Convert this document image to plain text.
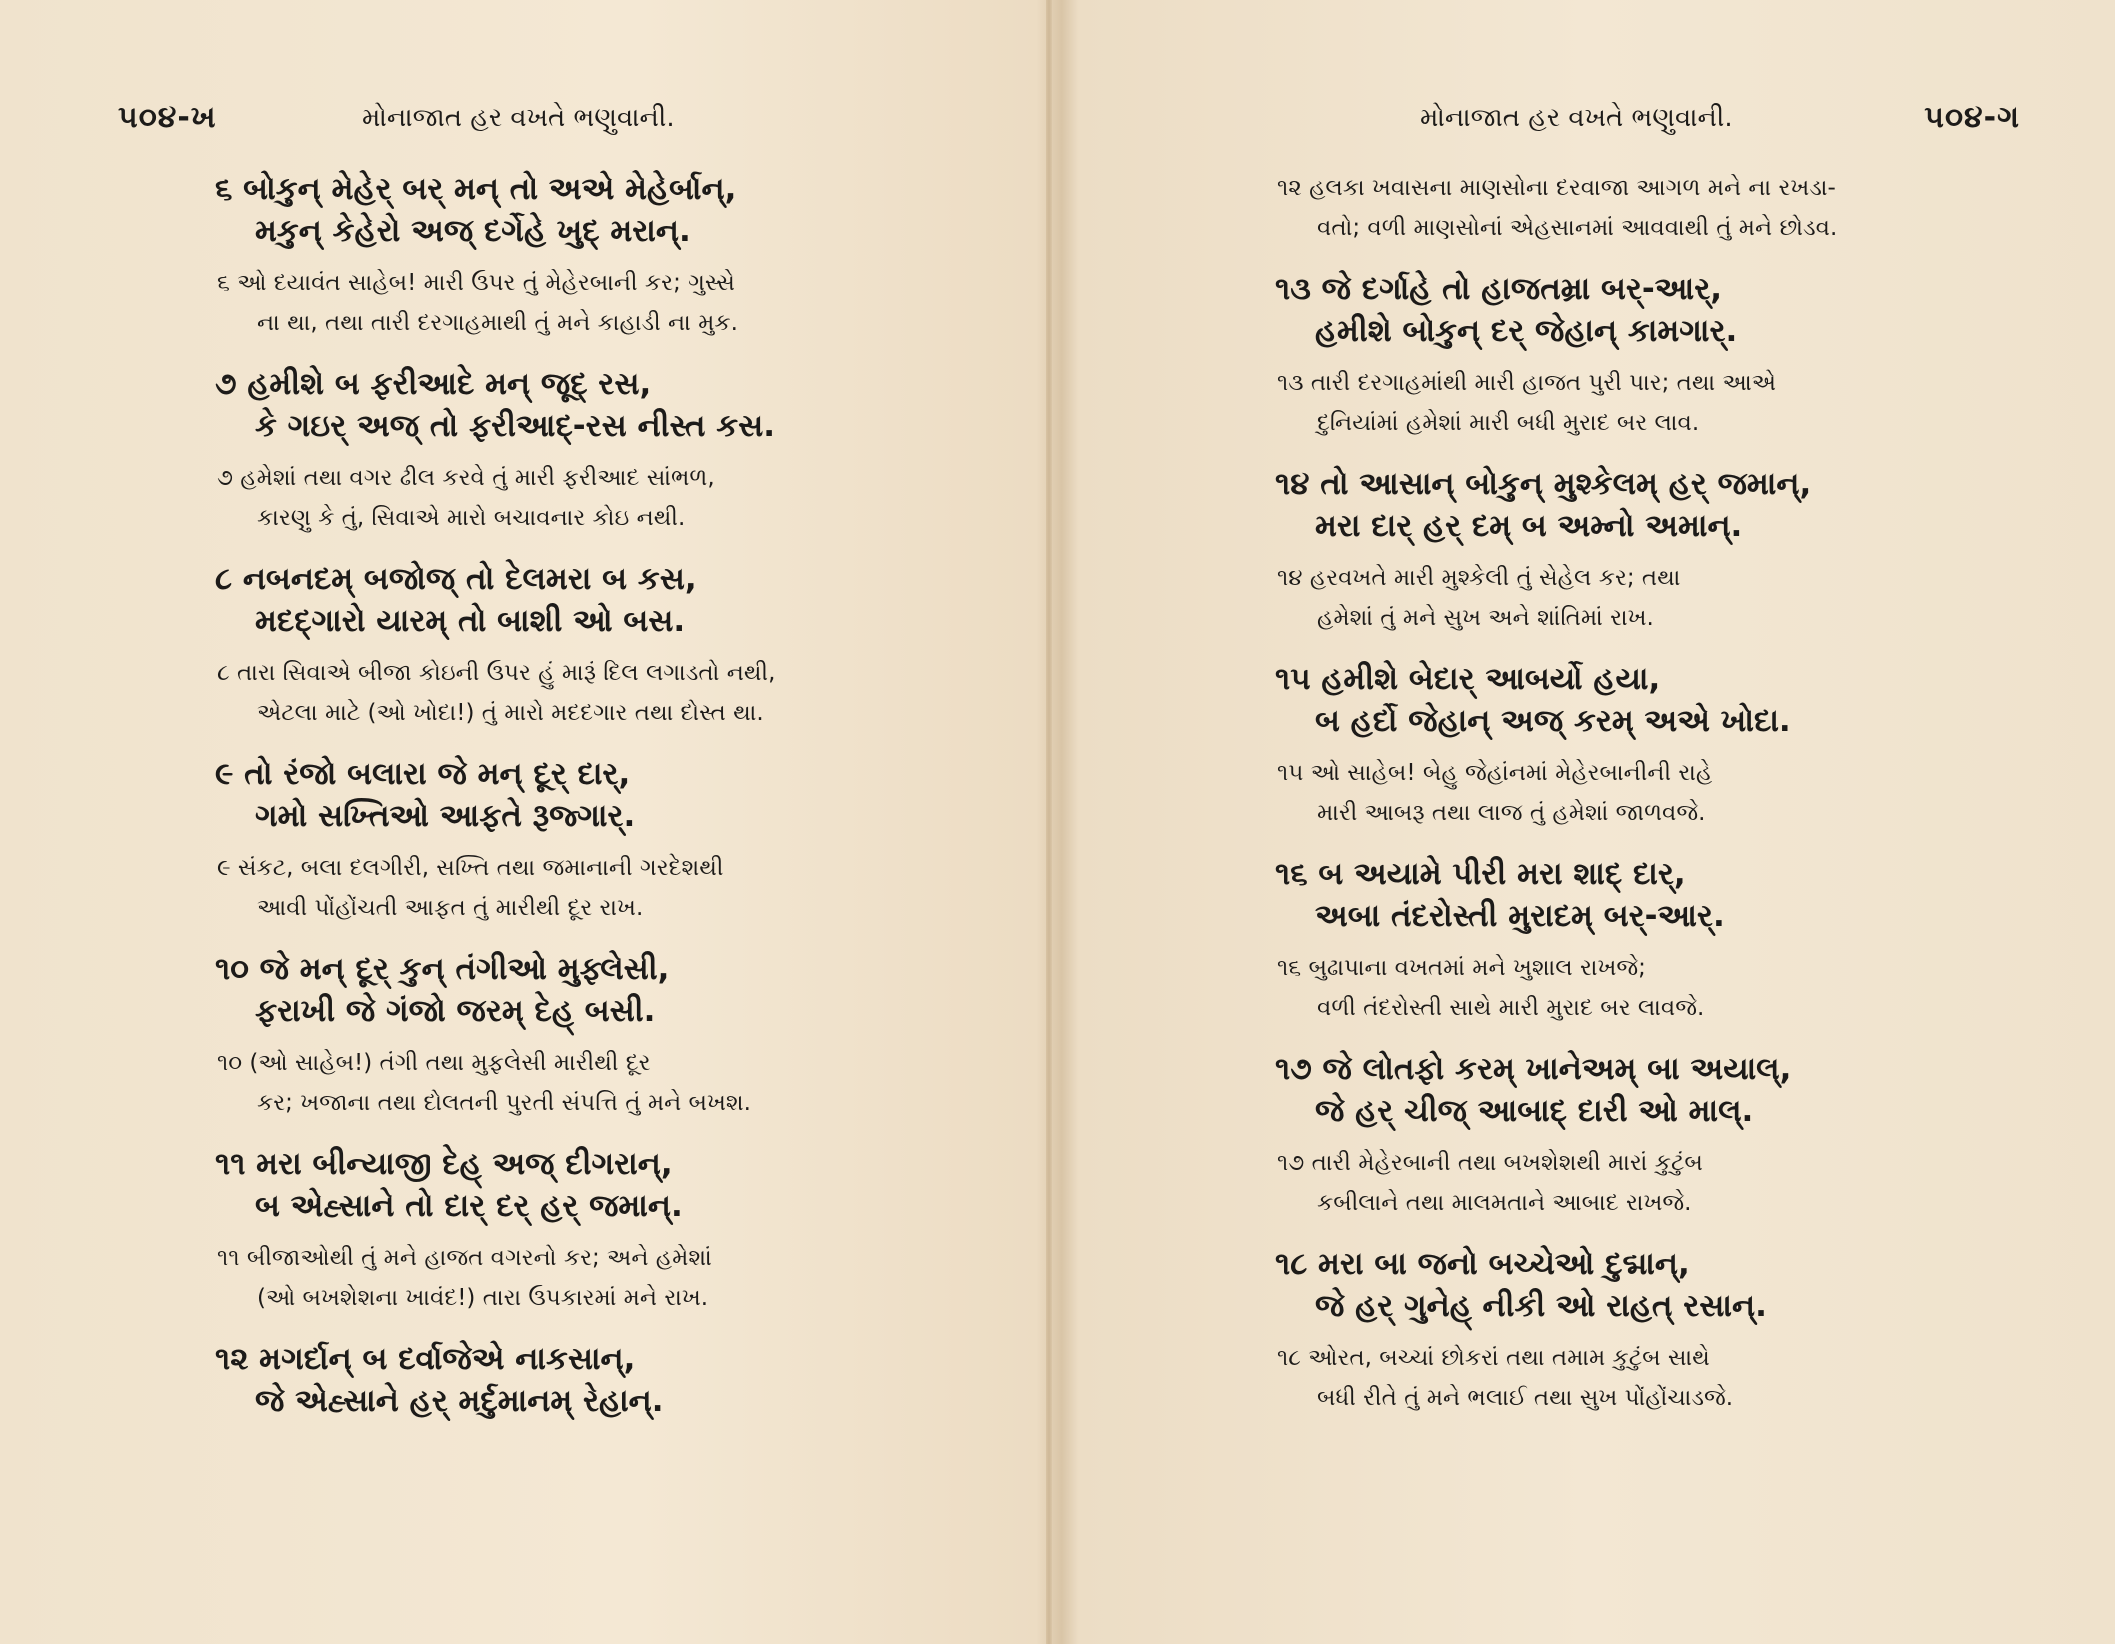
૫૦૪-ખ	મોનાજાત હર વખતે ભણુવાની.
૬ બોકુન્ મેહેર્ બર્ મન્ તો અએ મેહેર્બાન્,
મકુન્ કેહેરો અજ્ દર્ગેહે ખુદ્ મરાન્.
૬ ઓ દયાવંત સાહેબ! મારી ઉપર તું મેહેરબાની કર; ગુસ્સે
ના થા, તથા તારી દરગાહમાથી તું મને કાહાડી ના મુક.
૭ હમીશે બ ફરીઆદે મન્ જૂદ્ રસ,
કે ગઇર્ અજ્ તો ફરીઆદ્-રસ નીસ્ત કસ.
૭ હમેશાં તથા વગર ઢીલ કરવે તું મારી ફરીઆદ સાંભળ,
કારણુ કે તું, સિવાએ મારો બચાવનાર કોઇ નથી.
૮ નબનદમ્ બજોજ્ તો દેલમરા બ કસ,
મદદ્ગારો યારમ્ તો બાશી ઓ બસ.
૮ તારા સિવાએ બીજા કોઇની ઉપર હું મારૂં દિલ લગાડતો નથી,
એટલા માટે (ઓ ખોદા!) તું મારો મદદગાર તથા દોસ્ત થા.
૯ તો રંજો બલારા જે મન્ દૂર્ દાર્,
ગમો સખ્તિઓ આફતે રૂજ્ગાર્.
૯ સંકટ, બલા દલગીરી, સખ્તિ તથા જમાનાની ગરદેશથી
આવી પોંહોંચતી આફત તું મારીથી દૂર રાખ.
૧૦ જે મન્ દૂર્ કુન્ તંગીઓ મુફ્લેસી,
ફરાખી જે ગંજો જરમ્ દેહ્ બસી.
૧૦ (ઓ સાહેબ!) તંગી તથા મુફલેસી મારીથી દૂર
કર; ખજાના તથા દોલતની પુરતી સંપત્તિ તું મને બખશ.
૧૧ મરા બીન્યાજી દેહ્ અજ્ દીગરાન્,
બ એહ્સાને તો દાર્ દર્ હર્ જમાન્.
૧૧ બીજાઓથી તું મને હાજત વગરનો કર; અને હમેશાં
(ઓ બખશેશના ખાવંદ!) તારા ઉપકારમાં મને રાખ.
૧૨ મગર્દાન્ બ દર્વાજેએ નાકસાન્,
જે એહ્સાને હર્ મર્દુમાનમ્ રેહાન્.
મોનાજાત હર વખતે ભણુવાની.	૫૦૪-ગ
૧૨ હલકા ખવાસના માણસોના દરવાજા આગળ મને ના રખડા-
વતો; વળી માણસોનાં એહસાનમાં આવવાથી તું મને છોડવ.
૧૩ જે દર્ગાહે તો હાજતમ્રા બર્-આર્,
હમીશે બોકુન્ દર્ જેહાન્ કામગાર્.
૧૩ તારી દરગાહમાંથી મારી હાજત પુરી પાર; તથા આએ
દુનિયાંમાં હમેશાં મારી બધી મુરાદ બર લાવ.
૧૪ તો આસાન્ બોકુન્ મુશ્કેલમ્ હર્ જમાન્,
મરા દાર્ હર્ દમ્ બ અમ્નો અમાન્.
૧૪ હરવખતે મારી મુશ્કેલી તું સેહેલ કર; તથા
હમેશાં તું મને સુખ અને શાંતિમાં રાખ.
૧૫ હમીશે બેદાર્ આબર્યો હયા,
બ હર્દો જેહાન્ અજ્ કરમ્ અએ ખોદા.
૧૫ ઓ સાહેબ! બેહુ જેહાંનમાં મેહેરબાનીની રાહે
મારી આબરૂ તથા લાજ તું હમેશાં જાળવજે.
૧૬ બ અયામે પીરી મરા શાદ્ દાર્,
અબા તંદરોસ્તી મુરાદમ્ બર્-આર્.
૧૬ બુઢાપાના વખતમાં મને ખુશાલ રાખજે;
વળી તંદરોસ્તી સાથે મારી મુરાદ બર લાવજે.
૧૭ જે લોતફો કરમ્ ખાનેઅમ્ બા અયાલ્,
જે હર્ ચીજ્ આબાદ્ દારી ઓ માલ્.
૧૭ તારી મેહેરબાની તથા બખશેશથી મારાં કુટુંબ
કબીલાને તથા માલમતાને આબાદ રાખજે.
૧૮ મરા બા જનો બચ્ચેઓ દુદ્માન્,
જે હર્ ગુનેહ્ નીકી ઓ રાહત્ રસાન્.
૧૮ ઓરત, બચ્ચાં છોકરાં તથા તમામ કુટુંબ સાથે
બધી રીતે તું મને ભલાઈ તથા સુખ પોંહોંચાડજે.
